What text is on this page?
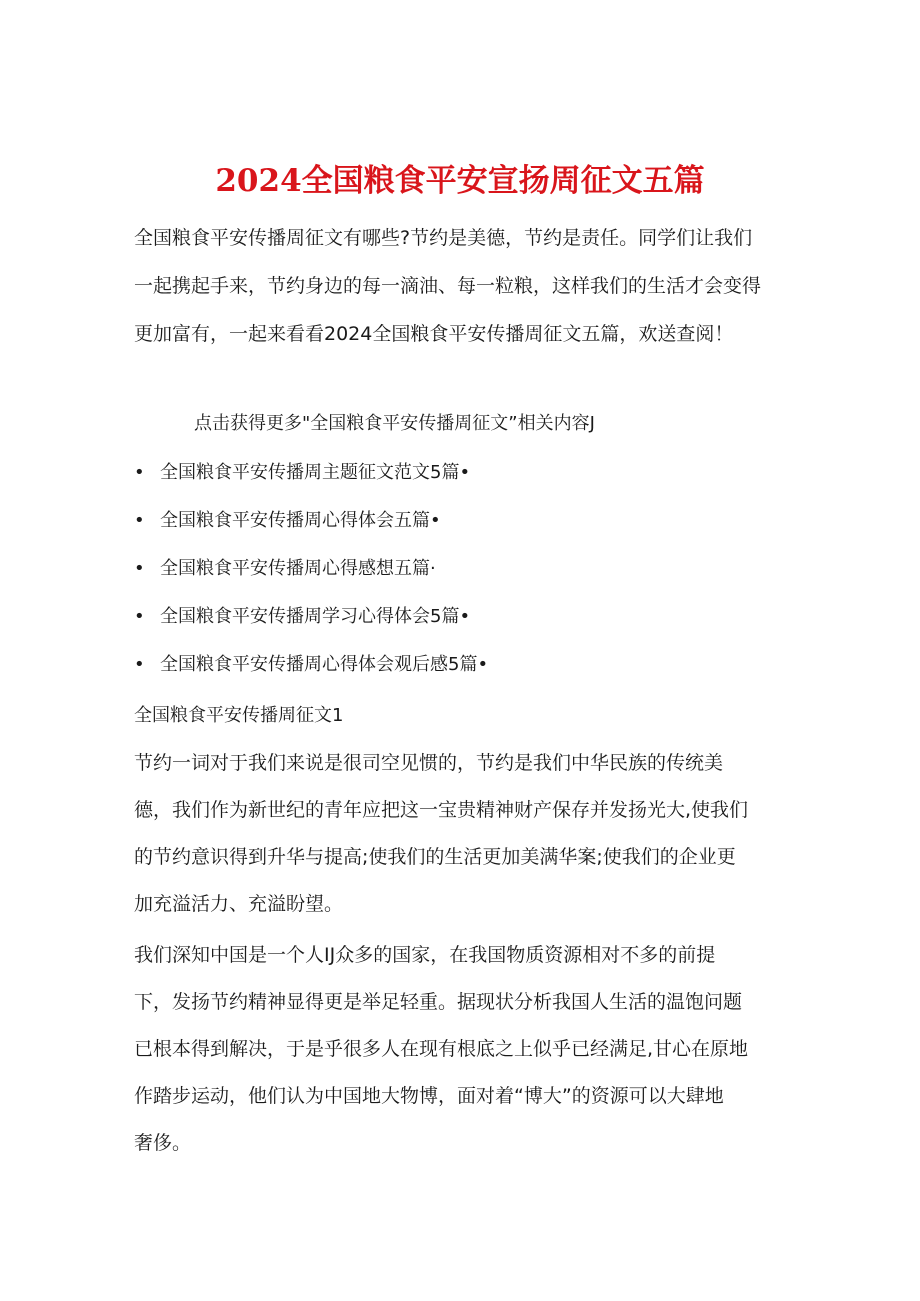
2024全国粮食平安宣扬周征文五篇

全国粮食平安传播周征文有哪些?节约是美德，节约是责任。同学们让我们

一起携起手来，节约身边的每一滴油、每一粒粮，这样我们的生活才会变得

更加富有，一起来看看2024全国粮食平安传播周征文五篇，欢送查阅！

点击获得更多"全国粮食平安传播周征文”相关内容J
• 全国粮食平安传播周主题征文范文5篇•
• 全国粮食平安传播周心得体会五篇•
• 全国粮食平安传播周心得感想五篇·
• 全国粮食平安传播周学习心得体会5篇•
• 全国粮食平安传播周心得体会观后感5篇•
全国粮食平安传播周征文1

节约一词对于我们来说是很司空见惯的，节约是我们中华民族的传统美

德，我们作为新世纪的青年应把这一宝贵精神财产保存并发扬光大,使我们

的节约意识得到升华与提高;使我们的生活更加美满华案;使我们的企业更

加充溢活力、充溢盼望。

我们深知中国是一个人IJ众多的国家，在我国物质资源相对不多的前提

下，发扬节约精神显得更是举足轻重。据现状分析我国人生活的温饱问题

已根本得到解决，于是乎很多人在现有根底之上似乎已经满足,甘心在原地

作踏步运动，他们认为中国地大物博，面对着“博大”的资源可以大肆地

奢侈。
